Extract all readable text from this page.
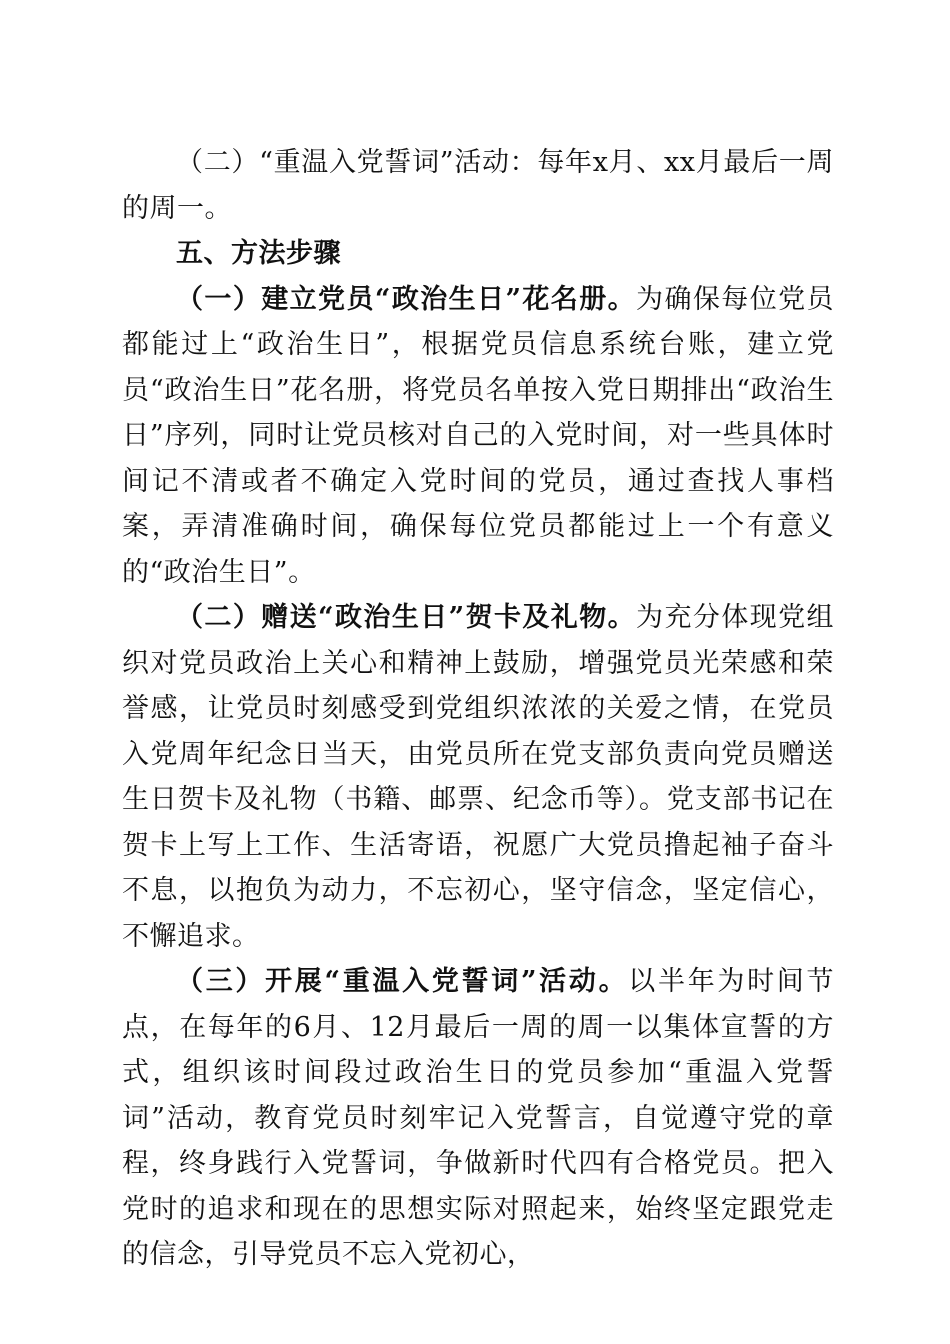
（二）“重温入党誓词”活动：每年x月、xx月最后一周的周一。

五、方法步骤

（一）建立党员“政治生日”花名册。为确保每位党员都能过上“政治生日”，根据党员信息系统台账，建立党员“政治生日”花名册，将党员名单按入党日期排出“政治生日”序列，同时让党员核对自己的入党时间，对一些具体时间记不清或者不确定入党时间的党员，通过查找人事档案，弄清准确时间，确保每位党员都能过上一个有意义的“政治生日”。

（二）赠送“政治生日”贺卡及礼物。为充分体现党组织对党员政治上关心和精神上鼓励，增强党员光荣感和荣誉感，让党员时刻感受到党组织浓浓的关爱之情，在党员入党周年纪念日当天，由党员所在党支部负责向党员赠送生日贺卡及礼物（书籍、邮票、纪念币等）。党支部书记在贺卡上写上工作、生活寄语，祝愿广大党员撸起袖子奋斗不息，以抱负为动力，不忘初心，坚守信念，坚定信心，不懈追求。

（三）开展“重温入党誓词”活动。以半年为时间节点，在每年的6月、12月最后一周的周一以集体宣誓的方式，组织该时间段过政治生日的党员参加“重温入党誓词”活动，教育党员时刻牢记入党誓言，自觉遵守党的章程，终身践行入党誓词，争做新时代四有合格党员。把入党时的追求和现在的思想实际对照起来，始终坚定跟党走的信念，引导党员不忘入党初心，
